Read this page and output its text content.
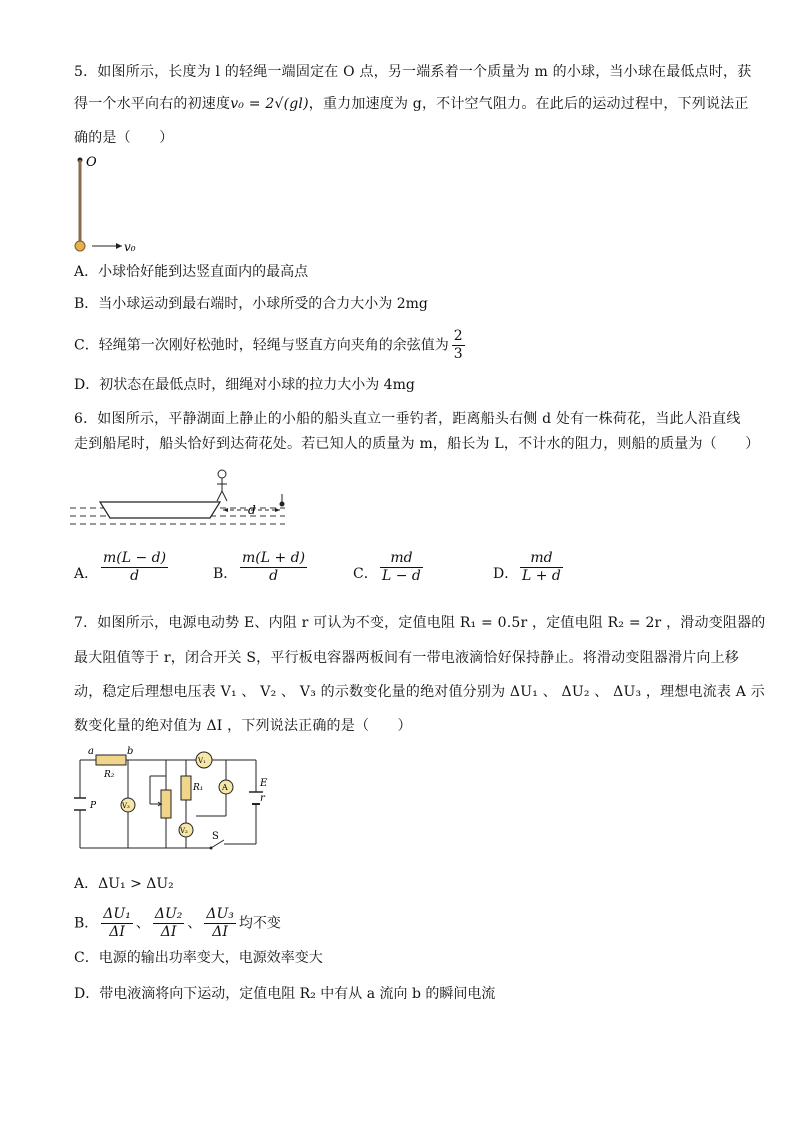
5．如图所示，长度为 l 的轻绳一端固定在 O 点，另一端系着一个质量为 m 的小球，当小球在最低点时，获
得一个水平向右的初速度v₀ = 2√(gl)，重力加速度为 g，不计空气阻力。在此后的运动过程中，下列说法正
确的是（　　）
O
v₀
A．小球恰好能到达竖直面内的最高点
B．当小球运动到最右端时，小球所受的合力大小为 2mg
C．轻绳第一次刚好松弛时，轻绳与竖直方向夹角的余弦值为 $\frac{2}{3}$
D．初状态在最低点时，细绳对小球的拉力大小为 4mg
6．如图所示，平静湖面上静止的小船的船头直立一垂钓者，距离船头右侧 d 处有一株荷花，当此人沿直线
走到船尾时，船头恰好到达荷花处。若已知人的质量为 m，船长为 L，不计水的阻力，则船的质量为（　　）
d
A． $\frac{m(L - d)}{d}$	B． $\frac{m(L + d)}{d}$	C． $\frac{md}{L - d}$	D． $\frac{md}{L + d}$
7．如图所示，电源电动势 E、内阻 r 可认为不变，定值电阻 R₁ = 0.5r ，定值电阻 R₂ = 2r ，滑动变阻器的
最大阻值等于 r，闭合开关 S，平行板电容器两板间有一带电液滴恰好保持静止。将滑动变阻器滑片向上移
动，稳定后理想电压表 V₁ 、 V₂ 、 V₃ 的示数变化量的绝对值分别为 ΔU₁ 、 ΔU₂ 、 ΔU₃ ，理想电流表 A 示
数变化量的绝对值为 ΔI ，下列说法正确的是（　　）
a	b
R₂
P	V₃
V₁
A
V₂
R₁	E
r
S
A．ΔU₁ > ΔU₂
B． $\frac{\text{ΔU₁}}{\Delta I}$ 、 $\frac{\text{ΔU₂}}{\Delta I}$ 、 $\frac{\text{ΔU₃}}{\Delta I}$ 均不变
C．电源的输出功率变大，电源效率变大
D．带电液滴将向下运动，定值电阻 R₂ 中有从 a 流向 b 的瞬间电流
